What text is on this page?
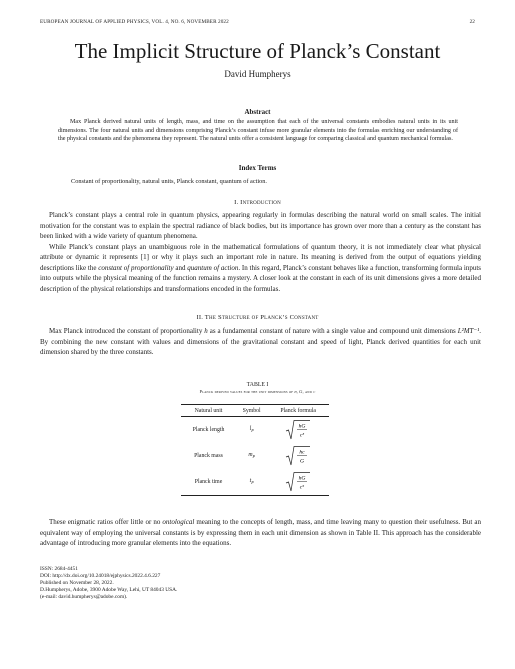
EUROPEAN JOURNAL OF APPLIED PHYSICS, VOL. 4, NO. 6, NOVEMBER 2022	22
The Implicit Structure of Planck’s Constant
David Humpherys
Abstract
Max Planck derived natural units of length, mass, and time on the assumption that each of the universal constants embodies natural units in its unit dimensions. The four natural units and dimensions comprising Planck’s constant infuse more granular elements into the formulas enriching our understanding of the physical constants and the phenomena they represent. The natural units offer a consistent language for comparing classical and quantum mechanical formulas.
Index Terms
Constant of proportionality, natural units, Planck constant, quantum of action.
I. Introduction

Planck’s constant plays a central role in quantum physics, appearing regularly in formulas describing the natural world on small scales. The initial motivation for the constant was to explain the spectral radiance of black bodies, but its importance has grown over more than a century as the constant has been linked with a wide variety of quantum phenomena.

While Planck’s constant plays an unambiguous role in the mathematical formulations of quantum theory, it is not immediately clear what physical attribute or dynamic it represents [1] or why it plays such an important role in nature. Its meaning is derived from the output of equations yielding descriptions like the constant of proportionality and quantum of action. In this regard, Planck’s constant behaves like a function, transforming formula inputs into outputs while the physical meaning of the function remains a mystery. A closer look at the constant in each of its unit dimensions gives a more detailed description of the physical relationships and transformations encoded in the formulas.

II. The Structure of Planck’s Constant

Max Planck introduced the constant of proportionality h as a fundamental constant of nature with a single value and compound unit dimensions L²MT⁻¹. By combining the new constant with values and dimensions of the gravitational constant and speed of light, Planck derived quantities for each unit dimension shared by the three constants.

TABLE I
Planck derived values for the unit dimensions of h, G, and c
Natural unit	Symbol	Planck formula
Planck length	$l_P$	hG
c³

Planck mass	$m_P$	hc
G

Planck time	$t_P$	hG
c⁵

These enigmatic ratios offer little or no ontological meaning to the concepts of length, mass, and time leaving many to question their usefulness. But an equivalent way of employing the universal constants is by expressing them in each unit dimension as shown in Table II. This approach has the considerable advantage of introducing more granular elements into the equations.

ISSN: 2684-4451
DOI: http://dx.doi.org/10.24018/ejphysics.2022.4.6.227
Published on November 28, 2022.
D.Humpherys, Adobe, 3900 Adobe Way, Lehi, UT 84043 USA.
(e-mail: david.humpherys@adobe.com).
